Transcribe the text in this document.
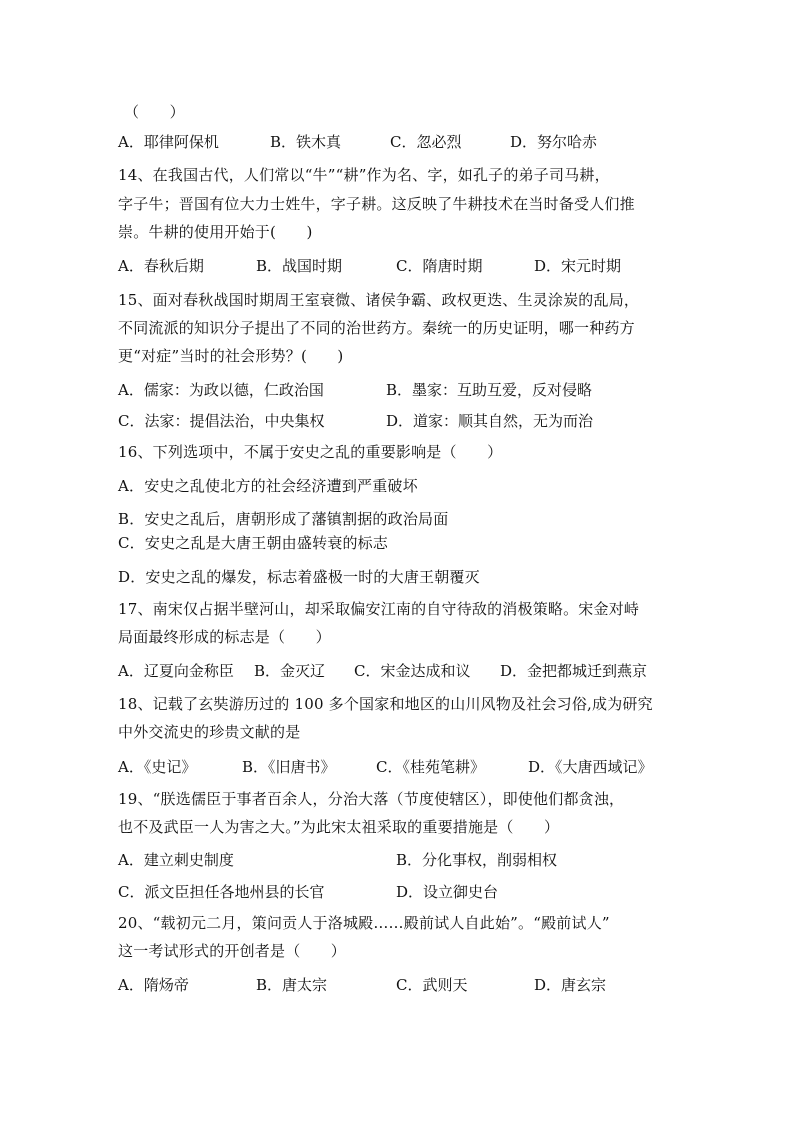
（　　）
A．耶律阿保机	B．铁木真	C．忽必烈	D．努尔哈赤
14、在我国古代，人们常以“牛”“耕”作为名、字，如孔子的弟子司马耕，
字子牛；晋国有位大力士姓牛，字子耕。这反映了牛耕技术在当时备受人们推
崇。牛耕的使用开始于(　　)
A．春秋后期	B．战国时期	C．隋唐时期	D．宋元时期
15、面对春秋战国时期周王室衰微、诸侯争霸、政权更迭、生灵涂炭的乱局，
不同流派的知识分子提出了不同的治世药方。秦统一的历史证明，哪一种药方
更“对症”当时的社会形势？(　　)
A．儒家：为政以德，仁政治国	B．墨家：互助互爱，反对侵略
C．法家：提倡法治，中央集权	D．道家：顺其自然，无为而治
16、下列选项中，不属于安史之乱的重要影响是（　　）
A．安史之乱使北方的社会经济遭到严重破坏
B．安史之乱后，唐朝形成了藩镇割据的政治局面
C．安史之乱是大唐王朝由盛转衰的标志
D．安史之乱的爆发，标志着盛极一时的大唐王朝覆灭
17、南宋仅占据半壁河山，却采取偏安江南的自守待敌的消极策略。宋金对峙
局面最终形成的标志是（　　）
A．辽夏向金称臣 B．金灭辽 C．宋金达成和议 D．金把都城迁到燕京
18、记载了玄奘游历过的 100 多个国家和地区的山川风物及社会习俗,成为研究
中外交流史的珍贵文献的是
A．《史记》	B．《旧唐书》	C．《桂苑笔耕》	D．《大唐西域记》
19、“朕选儒臣于事者百余人，分治大落（节度使辖区），即使他们都贪浊，
也不及武臣一人为害之大。”为此宋太祖采取的重要措施是（　　）
A．建立刺史制度	B．分化事权，削弱相权
C．派文臣担任各地州县的长官	D．设立御史台
20、“载初元二月，策问贡人于洛城殿……殿前试人自此始”。“殿前试人”
这一考试形式的开创者是（　　）
A．隋炀帝	B．唐太宗	C．武则天	D．唐玄宗
